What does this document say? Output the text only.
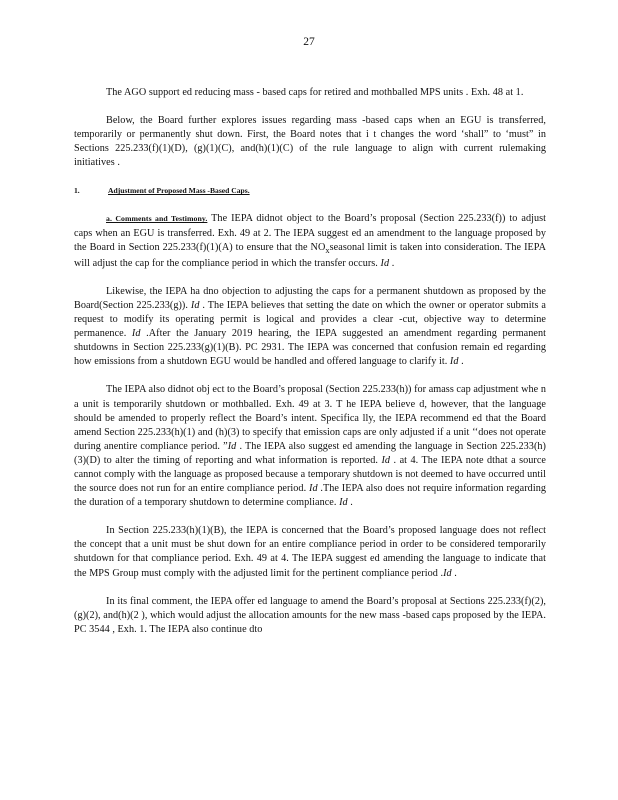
27

The AGO support ed reducing mass - based caps for retired and mothballed MPS units . Exh. 48 at 1.

Below, the Board further explores issues regarding mass -based caps when an EGU is transferred, temporarily or permanently shut down. First, the Board notes that i t changes the word ‘shall” to ‘must” in Sections 225.233(f)(1)(D), (g)(1)(C), and(h)(1)(C) of the rule language to align with current rulemaking initiatives .

1.	Adjustment of Proposed Mass -Based Caps.

a. Comments and Testimony. The IEPA didnot object to the Board’s proposal (Section 225.233(f)) to adjust caps when an EGU is transferred. Exh. 49 at 2. The IEPA suggest ed an amendment to the language proposed by the Board in Section 225.233(f)(1)(A) to ensure that the $NO_xseasonal$ limit is taken into consideration. The IEPA will adjust the cap for the compliance period in which the transfer occurs. Id .

Likewise, the IEPA ha dno objection to adjusting the caps for a permanent shutdown as proposed by the Board(Section 225.233(g)). Id . The IEPA believes that setting the date on which the owner or operator submits a request to modify its operating permit is logical and provides a clear -cut, objective way to determine permanence. Id .After the January 2019 hearing, the IEPA suggested an amendment regarding permanent shutdowns in Section 225.233(g)(1)(B). PC 2931. The IEPA was concerned that confusion remain ed regarding how emissions from a shutdown EGU would be handled and offered language to clarify it. Id .

The IEPA also didnot obj ect to the Board’s proposal (Section 225.233(h)) for amass cap adjustment whe n a unit is temporarily shutdown or mothballed. Exh. 49 at 3. T he IEPA believe d, however, that the language should be amended to properly reflect the Board’s intent. Specifica lly, the IEPA recommend ed that the Board amend Section 225.233(h)(1) and (h)(3) to specify that emission caps are only adjusted if a unit ‘‘does not operate during anentire compliance period. ”Id . The IEPA also suggest ed amending the language in Section 225.233(h)(3)(D) to alter the timing of reporting and what information is reported. Id . at 4. The IEPA note dthat a source cannot comply with the language as proposed because a temporary shutdown is not deemed to have occurred until the source does not run for an entire compliance period. Id .The IEPA also does not require information regarding the duration of a temporary shutdown to determine compliance. Id .

In Section 225.233(h)(1)(B), the IEPA is concerned that the Board’s proposed language does not reflect the concept that a unit must be shut down for an entire compliance period in order to be considered temporarily shutdown for that compliance period. Exh. 49 at 4. The IEPA suggest ed amending the language to indicate that the MPS Group must comply with the adjusted limit for the pertinent compliance period .Id .

In its final comment, the IEPA offer ed language to amend the Board’s proposal at Sections 225.233(f)(2),(g)(2), and(h)(2 ), which would adjust the allocation amounts for the new mass -based caps proposed by the IEPA. PC 3544 , Exh. 1. The IEPA also continue dto
